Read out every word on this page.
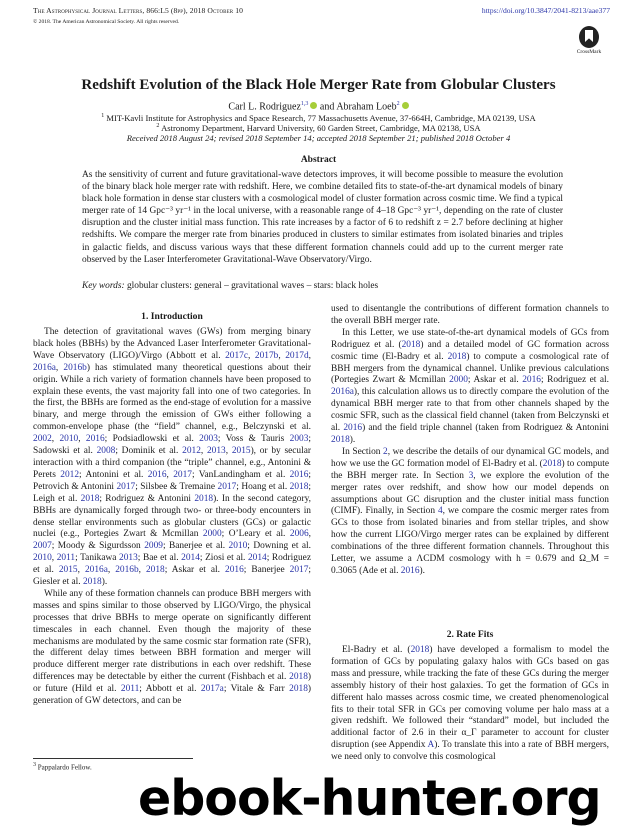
The Astrophysical Journal Letters, 866:L5 (8pp), 2018 October 10	https://doi.org/10.3847/2041-8213/aae377
© 2018. The American Astronomical Society. All rights reserved.
CrossMark
Redshift Evolution of the Black Hole Merger Rate from Globular Clusters
Carl L. Rodriguez$^{1,3}$ and Abraham Loeb$^2$
$^1$ MIT-Kavli Institute for Astrophysics and Space Research, 77 Massachusetts Avenue, 37-664H, Cambridge, MA 02139, USA
$^2$ Astronomy Department, Harvard University, 60 Garden Street, Cambridge, MA 02138, USA
Received 2018 August 24; revised 2018 September 14; accepted 2018 September 21; published 2018 October 4
Abstract
As the sensitivity of current and future gravitational-wave detectors improves, it will become possible to measure the evolution of the binary black hole merger rate with redshift. Here, we combine detailed fits to state-of-the-art dynamical models of binary black hole formation in dense star clusters with a cosmological model of cluster formation across cosmic time. We find a typical merger rate of 14 Gpc⁻³ yr⁻¹ in the local universe, with a reasonable range of 4–18 Gpc⁻³ yr⁻¹, depending on the rate of cluster disruption and the cluster initial mass function. This rate increases by a factor of 6 to redshift z = 2.7 before declining at higher redshifts. We compare the merger rate from binaries produced in clusters to similar estimates from isolated binaries and triples in galactic fields, and discuss various ways that these different formation channels could add up to the current merger rate observed by the Laser Interferometer Gravitational-Wave Observatory/Virgo.
Key words: globular clusters: general – gravitational waves – stars: black holes
1. Introduction

The detection of gravitational waves (GWs) from merging binary black holes (BBHs) by the Advanced Laser Interferometer Gravitational-Wave Observatory (LIGO)/Virgo (Abbott et al. 2017c, 2017b, 2017d, 2016a, 2016b) has stimulated many theoretical questions about their origin. While a rich variety of formation channels have been proposed to explain these events, the vast majority fall into one of two categories. In the first, the BBHs are formed as the end-stage of evolution for a massive binary, and merge through the emission of GWs either following a common-envelope phase (the “field” channel, e.g., Belczynski et al. 2002, 2010, 2016; Podsiadlowski et al. 2003; Voss & Tauris 2003; Sadowski et al. 2008; Dominik et al. 2012, 2013, 2015), or by secular interaction with a third companion (the “triple” channel, e.g., Antonini & Perets 2012; Antonini et al. 2016, 2017; VanLandingham et al. 2016; Petrovich & Antonini 2017; Silsbee & Tremaine 2017; Hoang et al. 2018; Leigh et al. 2018; Rodriguez & Antonini 2018). In the second category, BBHs are dynamically forged through two- or three-body encounters in dense stellar environments such as globular clusters (GCs) or galactic nuclei (e.g., Portegies Zwart & Mcmillan 2000; O’Leary et al. 2006, 2007; Moody & Sigurdsson 2009; Banerjee et al. 2010; Downing et al. 2010, 2011; Tanikawa 2013; Bae et al. 2014; Ziosi et al. 2014; Rodriguez et al. 2015, 2016a, 2016b, 2018; Askar et al. 2016; Banerjee 2017; Giesler et al. 2018).

While any of these formation channels can produce BBH mergers with masses and spins similar to those observed by LIGO/Virgo, the physical processes that drive BBHs to merge operate on significantly different timescales in each channel. Even though the majority of these mechanisms are modulated by the same cosmic star formation rate (SFR), the different delay times between BBH formation and merger will produce different merger rate distributions in each over redshift. These differences may be detectable by either the current (Fishbach et al. 2018) or future (Hild et al. 2011; Abbott et al. 2017a; Vitale & Farr 2018) generation of GW detectors, and can be

$^3$ Pappalardo Fellow.

used to disentangle the contributions of different formation channels to the overall BBH merger rate.

In this Letter, we use state-of-the-art dynamical models of GCs from Rodriguez et al. (2018) and a detailed model of GC formation across cosmic time (El-Badry et al. 2018) to compute a cosmological rate of BBH mergers from the dynamical channel. Unlike previous calculations (Portegies Zwart & Mcmillan 2000; Askar et al. 2016; Rodriguez et al. 2016a), this calculation allows us to directly compare the evolution of the dynamical BBH merger rate to that from other channels shaped by the cosmic SFR, such as the classical field channel (taken from Belczynski et al. 2016) and the field triple channel (taken from Rodriguez & Antonini 2018).

In Section 2, we describe the details of our dynamical GC models, and how we use the GC formation model of El-Badry et al. (2018) to compute the BBH merger rate. In Section 3, we explore the evolution of the merger rates over redshift, and show how our model depends on assumptions about GC disruption and the cluster initial mass function (CIMF). Finally, in Section 4, we compare the cosmic merger rates from GCs to those from isolated binaries and from stellar triples, and show how the current LIGO/Virgo merger rates can be explained by different combinations of the three different formation channels. Throughout this Letter, we assume a ΛCDM cosmology with h = 0.679 and Ω_M = 0.3065 (Ade et al. 2016).

2. Rate Fits

El-Badry et al. (2018) have developed a formalism to model the formation of GCs by populating galaxy halos with GCs based on gas mass and pressure, while tracking the fate of these GCs during the merger assembly history of their host galaxies. To get the formation of GCs in different halo masses across cosmic time, we created phenomenological fits to their total SFR in GCs per comoving volume per halo mass at a given redshift. We followed their “standard” model, but included the additional factor of 2.6 in their α_Γ parameter to account for cluster disruption (see Appendix A). To translate this into a rate of BBH mergers, we need only to convolve this cosmological

ebook-hunter.org
